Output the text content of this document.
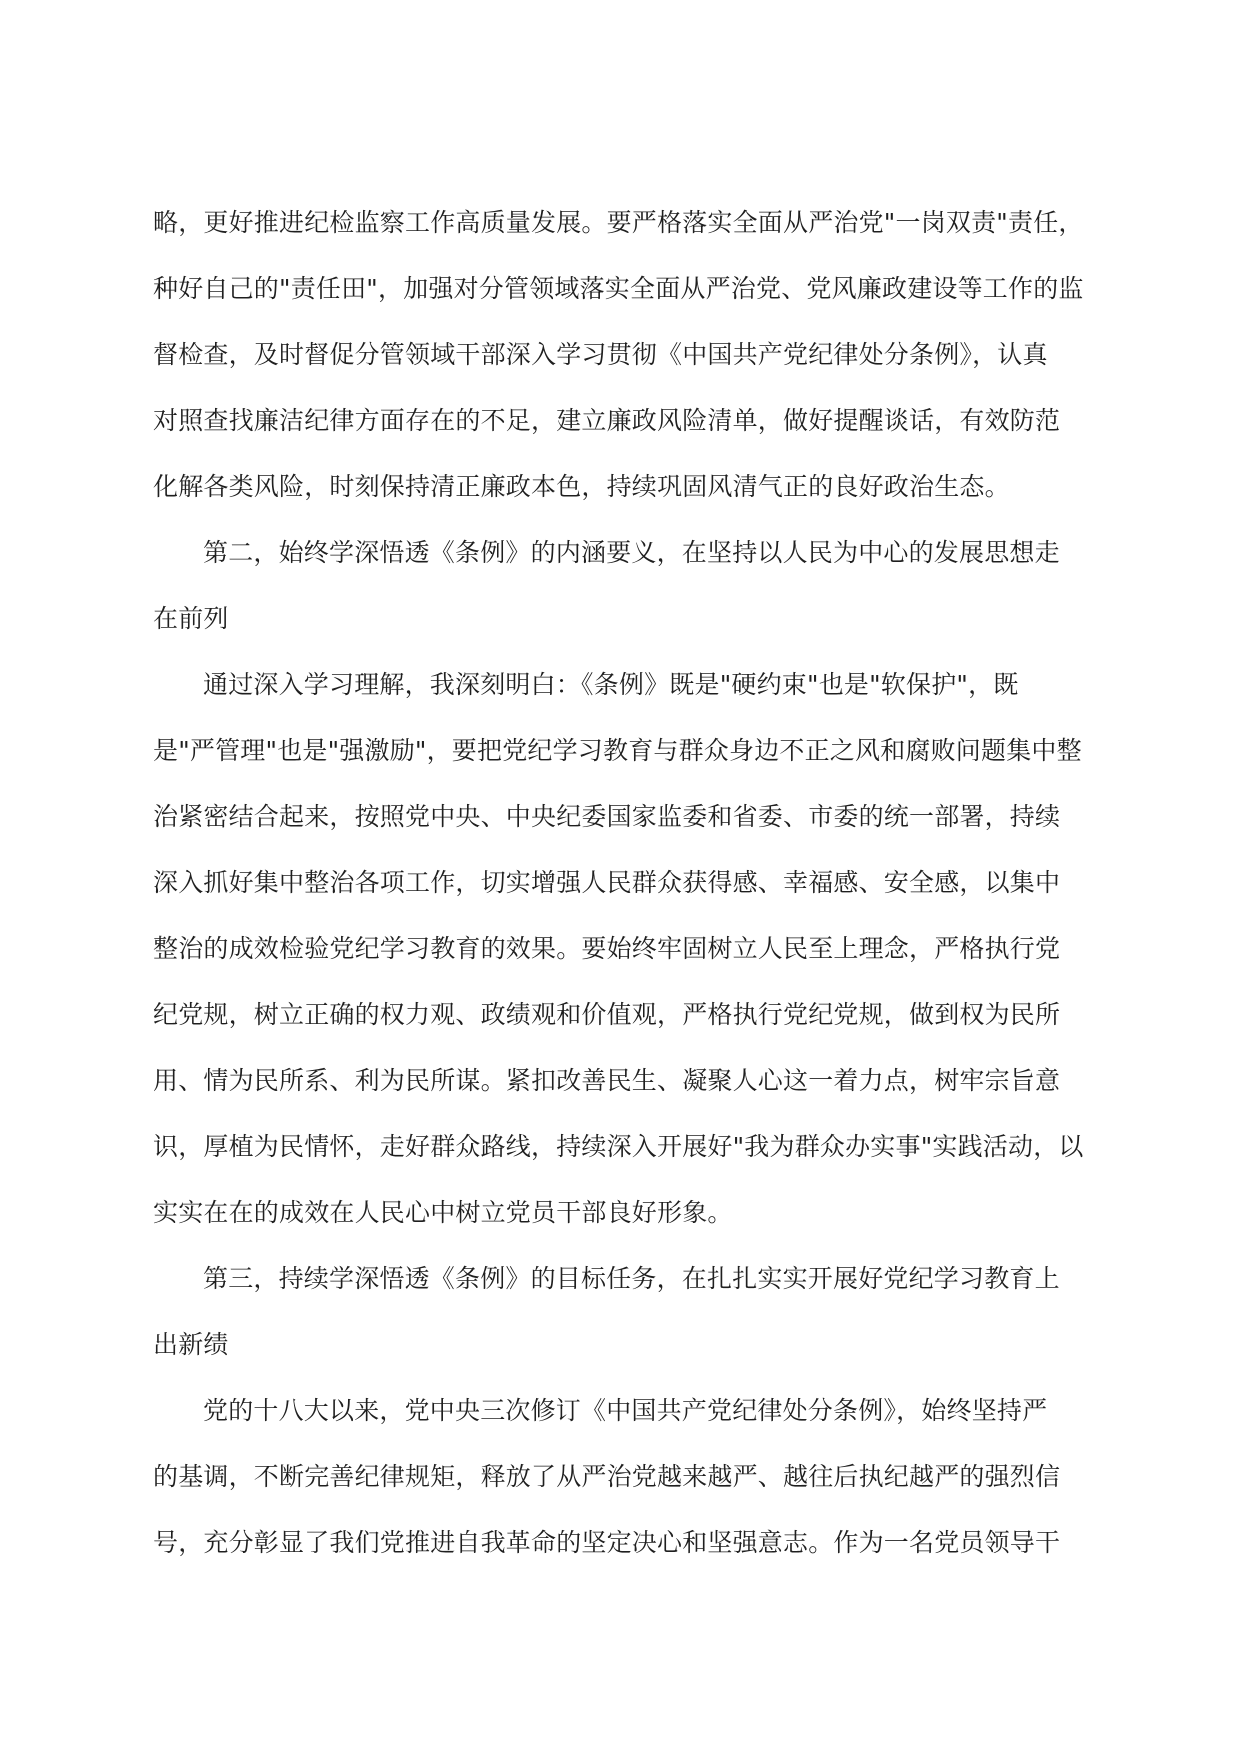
略，更好推进纪检监察工作高质量发展。要严格落实全面从严治党"一岗双责"责任，
种好自己的"责任田"，加强对分管领域落实全面从严治党、党风廉政建设等工作的监
督检查，及时督促分管领域干部深入学习贯彻《中国共产党纪律处分条例》，认真
对照查找廉洁纪律方面存在的不足，建立廉政风险清单，做好提醒谈话，有效防范
化解各类风险，时刻保持清正廉政本色，持续巩固风清气正的良好政治生态。
第二，始终学深悟透《条例》的内涵要义，在坚持以人民为中心的发展思想走
在前列
通过深入学习理解，我深刻明白：《条例》既是"硬约束"也是"软保护"，既
是"严管理"也是"强激励"，要把党纪学习教育与群众身边不正之风和腐败问题集中整
治紧密结合起来，按照党中央、中央纪委国家监委和省委、市委的统一部署，持续
深入抓好集中整治各项工作，切实增强人民群众获得感、幸福感、安全感，以集中
整治的成效检验党纪学习教育的效果。要始终牢固树立人民至上理念，严格执行党
纪党规，树立正确的权力观、政绩观和价值观，严格执行党纪党规，做到权为民所
用、情为民所系、利为民所谋。紧扣改善民生、凝聚人心这一着力点，树牢宗旨意
识，厚植为民情怀，走好群众路线，持续深入开展好"我为群众办实事"实践活动，以
实实在在的成效在人民心中树立党员干部良好形象。
第三，持续学深悟透《条例》的目标任务，在扎扎实实开展好党纪学习教育上
出新绩
党的十八大以来，党中央三次修订《中国共产党纪律处分条例》，始终坚持严
的基调，不断完善纪律规矩，释放了从严治党越来越严、越往后执纪越严的强烈信
号，充分彰显了我们党推进自我革命的坚定决心和坚强意志。作为一名党员领导干
